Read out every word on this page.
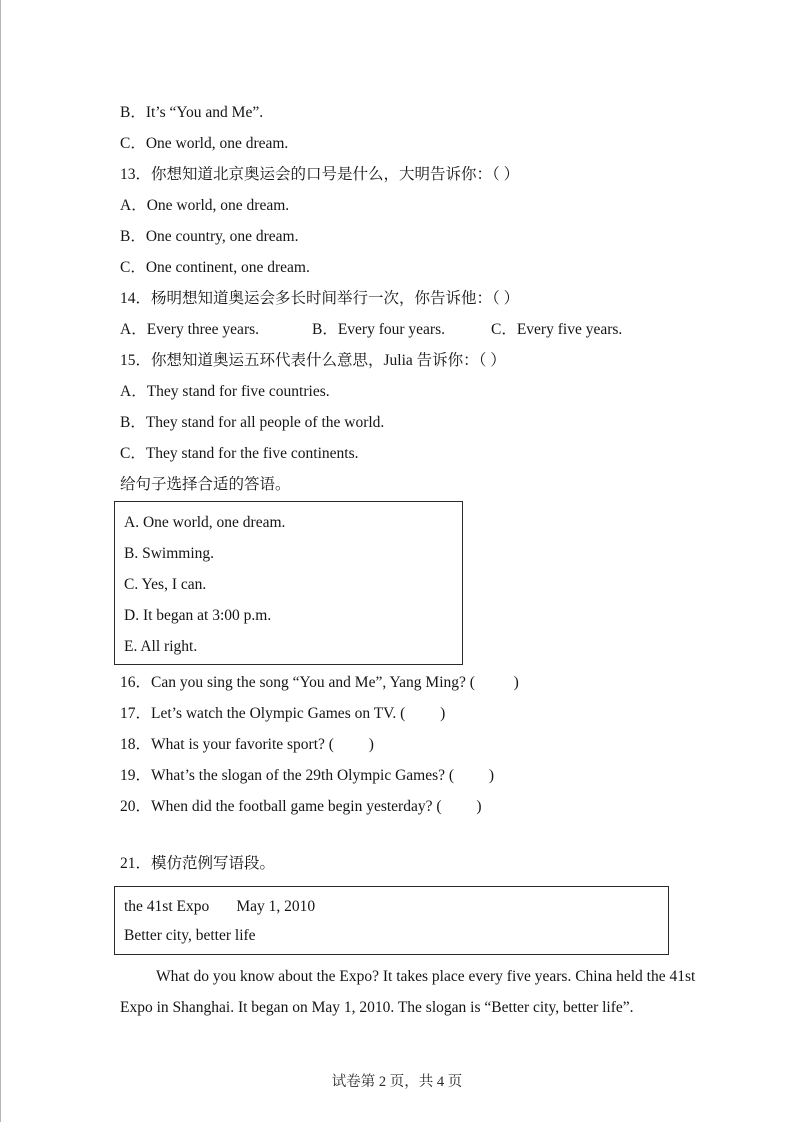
B．It’s “You and Me”.
C．One world, one dream.
13．你想知道北京奥运会的口号是什么，大明告诉你：（ ）
A．One world, one dream.
B．One country, one dream.
C．One continent, one dream.
14．杨明想知道奥运会多长时间举行一次，你告诉他：（ ）
A．Every three years.	B．Every four years.	C．Every five years.
15．你想知道奥运五环代表什么意思，Julia 告诉你：（ ）
A．They stand for five countries.
B．They stand for all people of the world.
C．They stand for the five continents.
给句子选择合适的答语。
A. One world, one dream.
B. Swimming.
C. Yes, I can.
D. It began at 3:00 p.m.
E. All right.
16．Can you sing the song “You and Me”, Yang Ming? (          )
17．Let’s watch the Olympic Games on TV. (         )
18．What is your favorite sport? (         )
19．What’s the slogan of the 29th Olympic Games? (         )
20．When did the football game begin yesterday? (         )
21．模仿范例写语段。
the 41st Expo       May 1, 2010
Better city, better life
What do you know about the Expo? It takes place every five years. China held the 41st
Expo in Shanghai. It began on May 1, 2010. The slogan is “Better city, better life”.
试卷第 2 页，共 4 页
